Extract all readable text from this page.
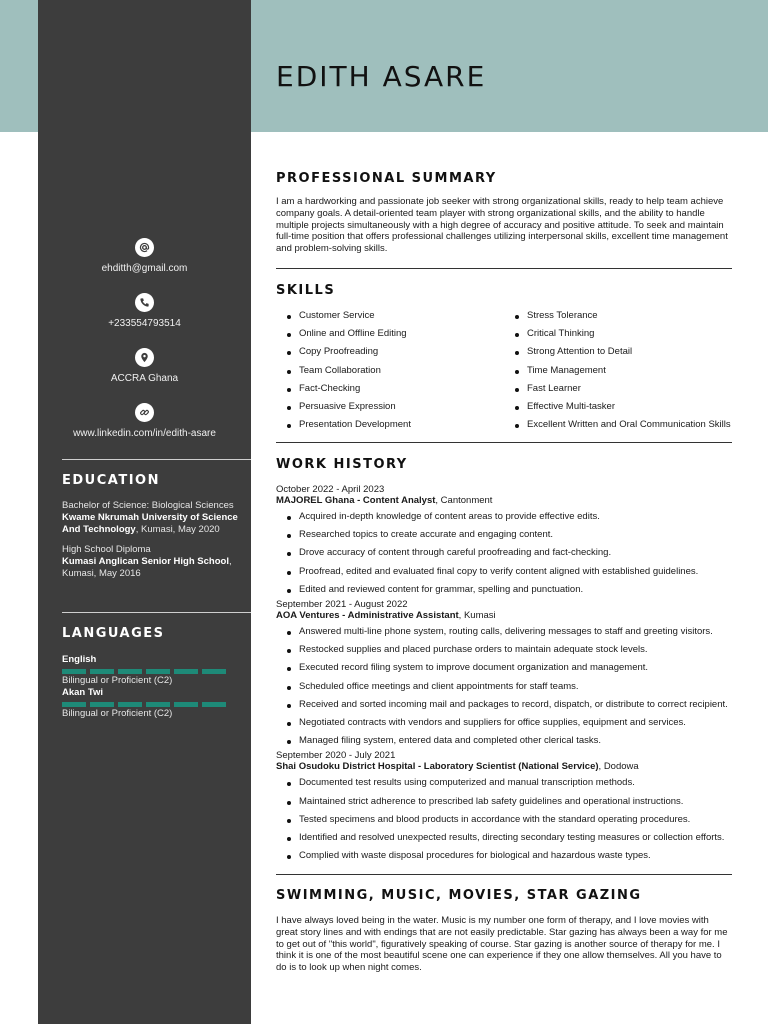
ehditth@gmail.com
+233554793514
ACCRA Ghana
www.linkedin.com/in/edith-asare
EDUCATION
Bachelor of Science: Biological Sciences
Kwame Nkrumah University of Science And Technology, Kumasi, May 2020
High School Diploma
Kumasi Anglican Senior High School, Kumasi, May 2016
LANGUAGES
English
Bilingual or Proficient (C2)
Akan Twi
Bilingual or Proficient (C2)
EDITH ASARE
PROFESSIONAL SUMMARY
I am a hardworking and passionate job seeker with strong organizational skills, ready to help team achieve company goals. A detail-oriented team player with strong organizational skills, and the ability to handle multiple projects simultaneously with a high degree of accuracy and positive attitude. To seek and maintain full-time position that offers professional challenges utilizing interpersonal skills, excellent time management and problem-solving skills.
SKILLS
Customer Service
Online and Offline Editing
Copy Proofreading
Team Collaboration
Fact-Checking
Persuasive Expression
Presentation Development
Stress Tolerance
Critical Thinking
Strong Attention to Detail
Time Management
Fast Learner
Effective Multi-tasker
Excellent Written and Oral Communication Skills
WORK HISTORY
October 2022 - April 2023
MAJOREL Ghana - Content Analyst, Cantonment
Acquired in-depth knowledge of content areas to provide effective edits.
Researched topics to create accurate and engaging content.
Drove accuracy of content through careful proofreading and fact-checking.
Proofread, edited and evaluated final copy to verify content aligned with established guidelines.
Edited and reviewed content for grammar, spelling and punctuation.
September 2021 - August 2022
AOA Ventures - Administrative Assistant, Kumasi
Answered multi-line phone system, routing calls, delivering messages to staff and greeting visitors.
Restocked supplies and placed purchase orders to maintain adequate stock levels.
Executed record filing system to improve document organization and management.
Scheduled office meetings and client appointments for staff teams.
Received and sorted incoming mail and packages to record, dispatch, or distribute to correct recipient.
Negotiated contracts with vendors and suppliers for office supplies, equipment and services.
Managed filing system, entered data and completed other clerical tasks.
September 2020 - July 2021
Shai Osudoku District Hospital - Laboratory Scientist (National Service), Dodowa
Documented test results using computerized and manual transcription methods.
Maintained strict adherence to prescribed lab safety guidelines and operational instructions.
Tested specimens and blood products in accordance with the standard operating procedures.
Identified and resolved unexpected results, directing secondary testing measures or collection efforts.
Complied with waste disposal procedures for biological and hazardous waste types.
SWIMMING, MUSIC, MOVIES, STAR GAZING
I have always loved being in the water. Music is my number one form of therapy, and I love movies with great story lines and with endings that are not easily predictable. Star gazing has always been a way for me to get out of "this world", figuratively speaking of course. Star gazing is another source of therapy for me. I think it is one of the most beautiful scene one can experience if they one allow themselves. All you have to do is to look up when night comes.
